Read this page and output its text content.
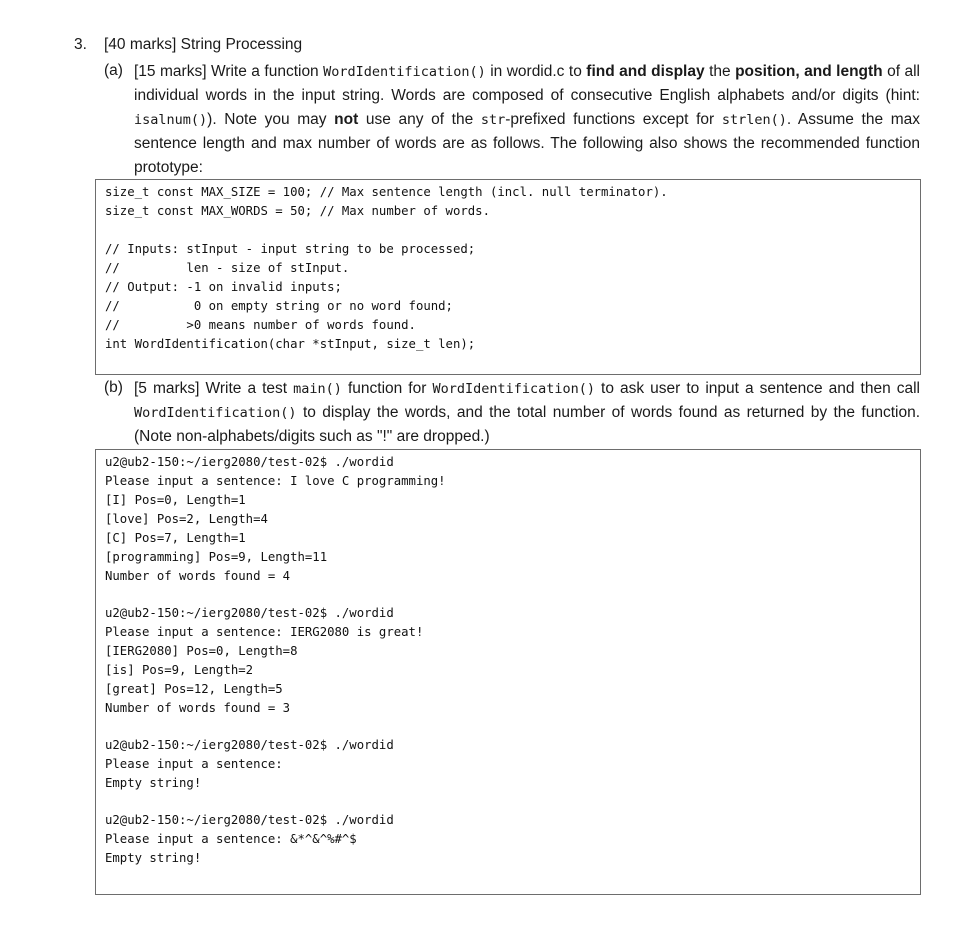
3. [40 marks] String Processing
(a) [15 marks] Write a function WordIdentification() in wordid.c to find and display the position, and length of all individual words in the input string. Words are composed of consecutive English alphabets and/or digits (hint: isalnum()). Note you may not use any of the str-prefixed functions except for strlen(). Assume the max sentence length and max number of words are as follows. The following also shows the recommended function prototype:
size_t const MAX_SIZE = 100; // Max sentence length (incl. null terminator).
size_t const MAX_WORDS = 50; // Max number of words.
// Inputs: stInput - input string to be processed;
//         len - size of stInput.
// Output: -1 on invalid inputs;
//          0 on empty string or no word found;
//         >0 means number of words found.
int WordIdentification(char *stInput, size_t len);
(b) [5 marks] Write a test main() function for WordIdentification() to ask user to input a sentence and then call WordIdentification() to display the words, and the total number of words found as returned by the function. (Note non-alphabets/digits such as "!" are dropped.)
u2@ub2-150:~/ierg2080/test-02$ ./wordid
Please input a sentence: I love C programming!
[I] Pos=0, Length=1
[love] Pos=2, Length=4
[C] Pos=7, Length=1
[programming] Pos=9, Length=11
Number of words found = 4
u2@ub2-150:~/ierg2080/test-02$ ./wordid
Please input a sentence: IERG2080 is great!
[IERG2080] Pos=0, Length=8
[is] Pos=9, Length=2
[great] Pos=12, Length=5
Number of words found = 3
u2@ub2-150:~/ierg2080/test-02$ ./wordid
Please input a sentence:
Empty string!
u2@ub2-150:~/ierg2080/test-02$ ./wordid
Please input a sentence: &*^&^%#^$
Empty string!
